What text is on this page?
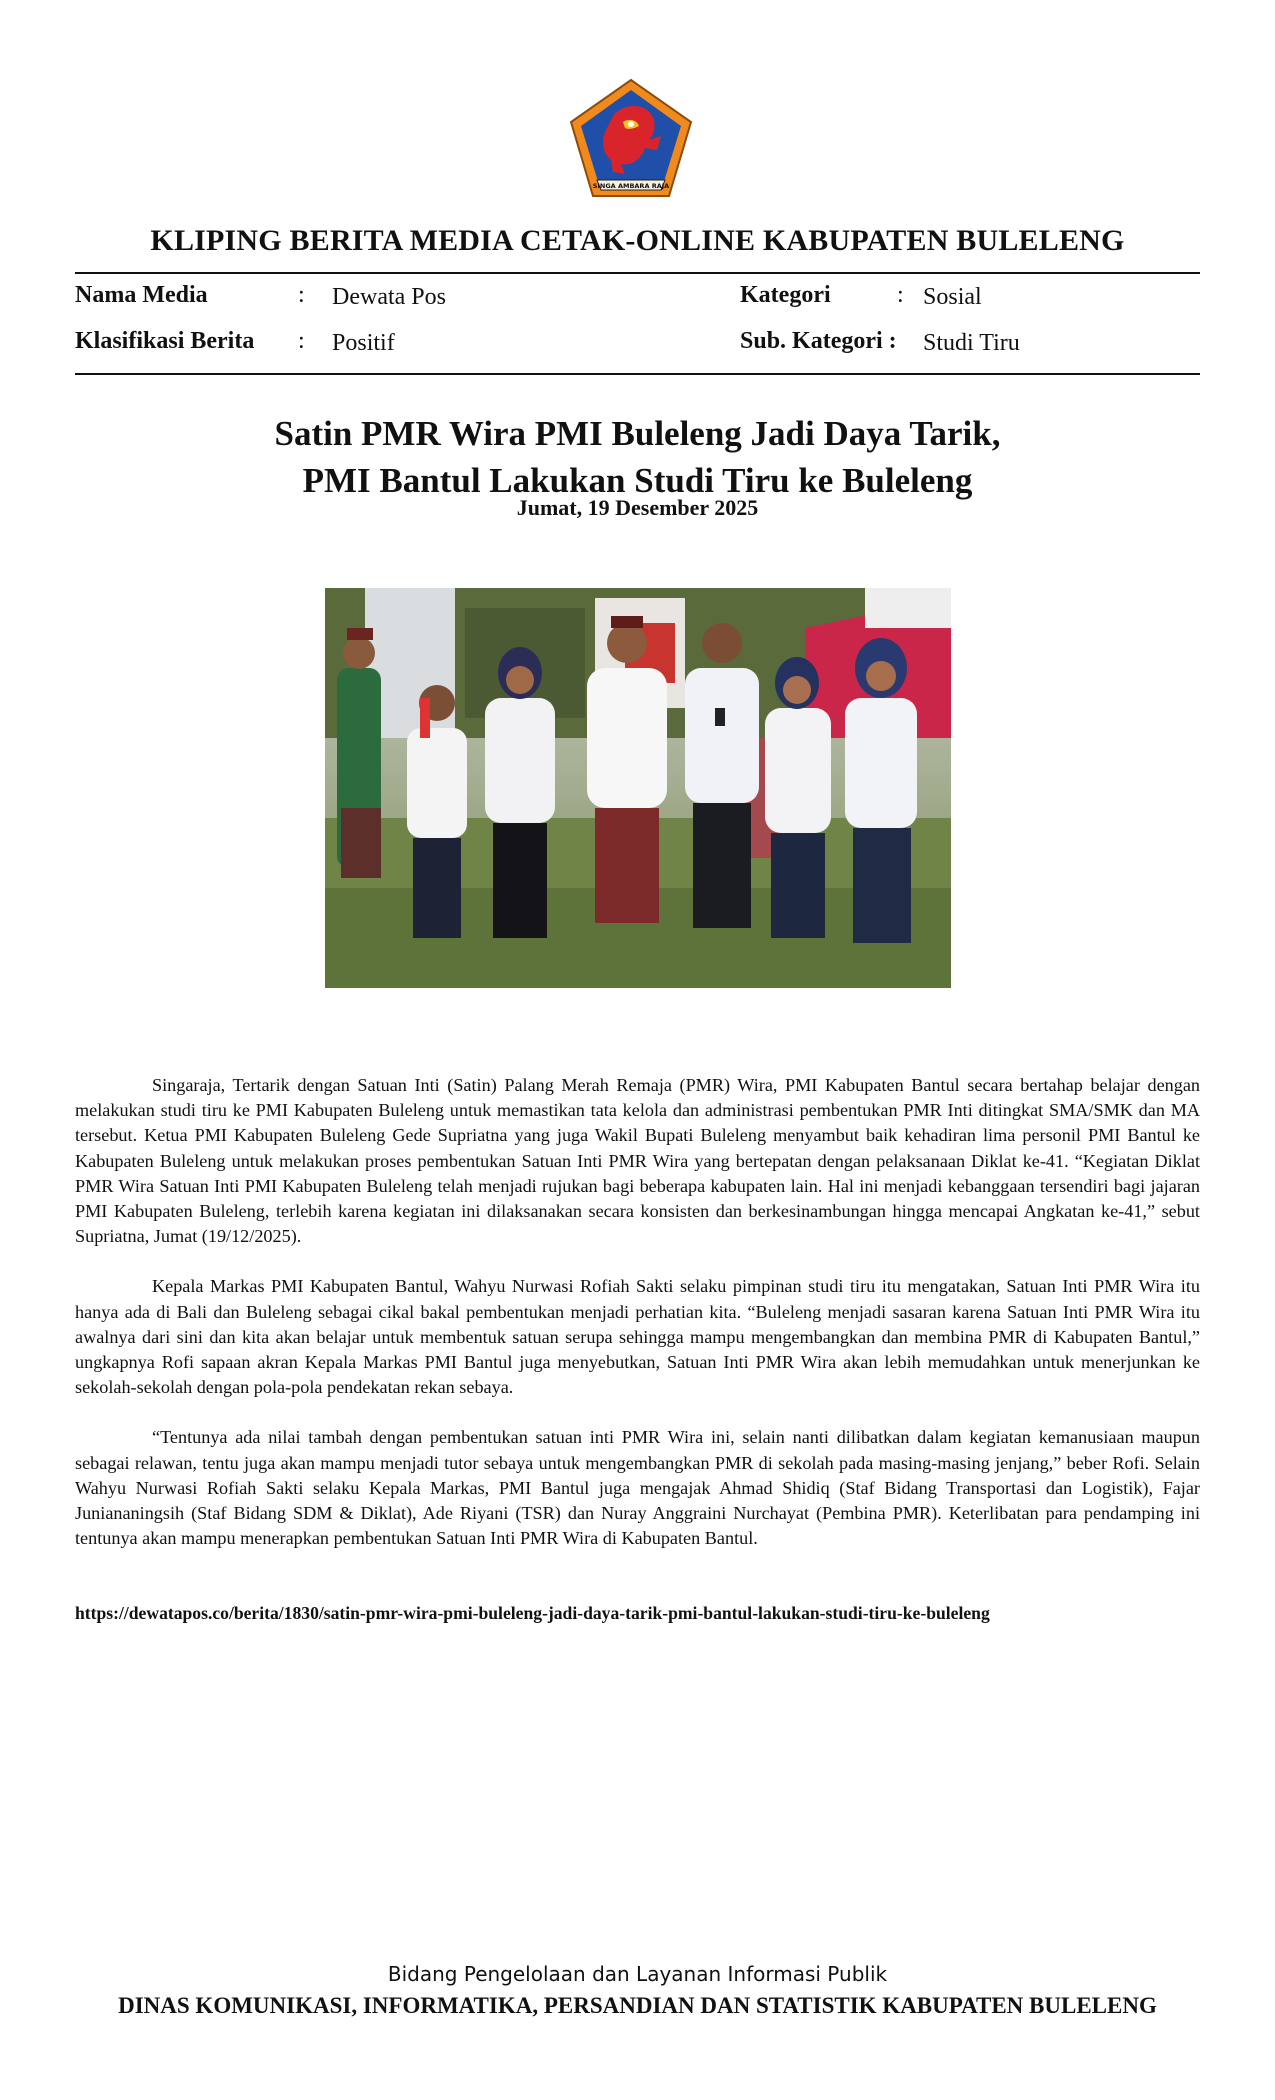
SINGA AMBARA RAJA
KLIPING BERITA MEDIA CETAK-ONLINE KABUPATEN BULELENG
Nama Media	: Dewata Pos	Kategori	: Sosial
Klasifikasi Berita : Positif	Sub. Kategori : Studi Tiru
Satin PMR Wira PMI Buleleng Jadi Daya Tarik,
PMI Bantul Lakukan Studi Tiru ke Buleleng
Jumat, 19 Desember 2025

Singaraja, Tertarik dengan Satuan Inti (Satin) Palang Merah Remaja (PMR) Wira, PMI Kabupaten Bantul secara bertahap belajar dengan melakukan studi tiru ke PMI Kabupaten Buleleng untuk memastikan tata kelola dan administrasi pembentukan PMR Inti ditingkat SMA/SMK dan MA tersebut. Ketua PMI Kabupaten Buleleng Gede Supriatna yang juga Wakil Bupati Buleleng menyambut baik kehadiran lima personil PMI Bantul ke Kabupaten Buleleng untuk melakukan proses pembentukan Satuan Inti PMR Wira yang bertepatan dengan pelaksanaan Diklat ke-41. “Kegiatan Diklat PMR Wira Satuan Inti PMI Kabupaten Buleleng telah menjadi rujukan bagi beberapa kabupaten lain. Hal ini menjadi kebanggaan tersendiri bagi jajaran PMI Kabupaten Buleleng, terlebih karena kegiatan ini dilaksanakan secara konsisten dan berkesinambungan hingga mencapai Angkatan ke-41,” sebut Supriatna, Jumat (19/12/2025).

Kepala Markas PMI Kabupaten Bantul, Wahyu Nurwasi Rofiah Sakti selaku pimpinan studi tiru itu mengatakan, Satuan Inti PMR Wira itu hanya ada di Bali dan Buleleng sebagai cikal bakal pembentukan menjadi perhatian kita. “Buleleng menjadi sasaran karena Satuan Inti PMR Wira itu awalnya dari sini dan kita akan belajar untuk membentuk satuan serupa sehingga mampu mengembangkan dan membina PMR di Kabupaten Bantul,” ungkapnya Rofi sapaan akran Kepala Markas PMI Bantul juga menyebutkan, Satuan Inti PMR Wira akan lebih memudahkan untuk menerjunkan ke sekolah-sekolah dengan pola-pola pendekatan rekan sebaya.

“Tentunya ada nilai tambah dengan pembentukan satuan inti PMR Wira ini, selain nanti dilibatkan dalam kegiatan kemanusiaan maupun sebagai relawan, tentu juga akan mampu menjadi tutor sebaya untuk mengembangkan PMR di sekolah pada masing-masing jenjang,” beber Rofi. Selain Wahyu Nurwasi Rofiah Sakti selaku Kepala Markas, PMI Bantul juga mengajak Ahmad Shidiq (Staf Bidang Transportasi dan Logistik), Fajar Juniananingsih (Staf Bidang SDM & Diklat), Ade Riyani (TSR) dan Nuray Anggraini Nurchayat (Pembina PMR). Keterlibatan para pendamping ini tentunya akan mampu menerapkan pembentukan Satuan Inti PMR Wira di Kabupaten Bantul.

https://dewatapos.co/berita/1830/satin-pmr-wira-pmi-buleleng-jadi-daya-tarik-pmi-bantul-lakukan-studi-tiru-ke-buleleng
Bidang Pengelolaan dan Layanan Informasi Publik
DINAS KOMUNIKASI, INFORMATIKA, PERSANDIAN DAN STATISTIK KABUPATEN BULELENG
